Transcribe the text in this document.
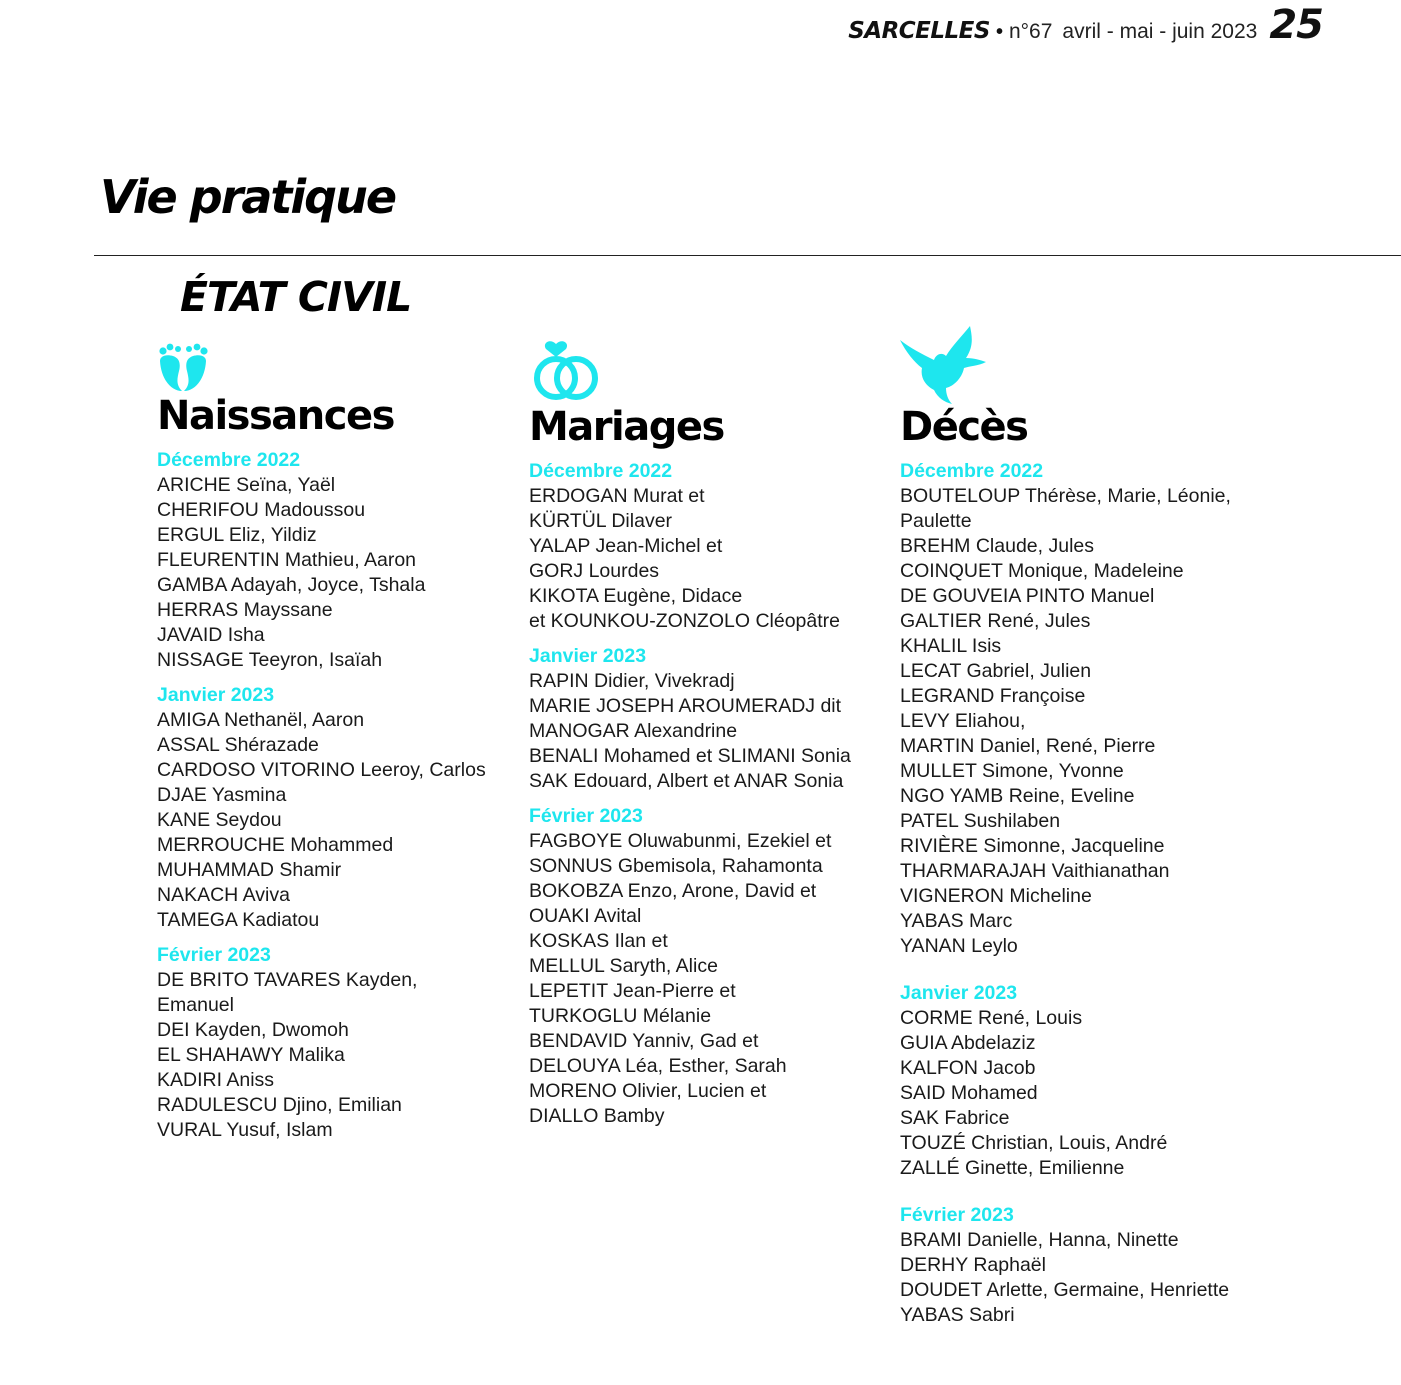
SARCELLES • n°67 avril - mai - juin 2023 25
Vie pratique
ÉTAT CIVIL
Naissances

Décembre 2022

ARICHE Seïna, Yaël

CHERIFOU Madoussou

ERGUL Eliz, Yildiz

FLEURENTIN Mathieu, Aaron

GAMBA Adayah, Joyce, Tshala

HERRAS Mayssane

JAVAID Isha

NISSAGE Teeyron, Isaïah

Janvier 2023

AMIGA Nethanël, Aaron

ASSAL Shérazade

CARDOSO VITORINO Leeroy, Carlos

DJAE Yasmina

KANE Seydou

MERROUCHE Mohammed

MUHAMMAD Shamir

NAKACH Aviva

TAMEGA Kadiatou

Février 2023

DE BRITO TAVARES Kayden,

Emanuel

DEI Kayden, Dwomoh

EL SHAHAWY Malika

KADIRI Aniss

RADULESCU Djino, Emilian

VURAL Yusuf, Islam

Mariages

Décembre 2022

ERDOGAN Murat et

KÜRTÜL Dilaver

YALAP Jean-Michel et

GORJ Lourdes

KIKOTA Eugène, Didace

et KOUNKOU-ZONZOLO Cléopâtre

Janvier 2023

RAPIN Didier, Vivekradj

MARIE JOSEPH AROUMERADJ dit

MANOGAR Alexandrine

BENALI Mohamed et SLIMANI Sonia

SAK Edouard, Albert et ANAR Sonia

Février 2023

FAGBOYE Oluwabunmi, Ezekiel et

SONNUS Gbemisola, Rahamonta

BOKOBZA Enzo, Arone, David et

OUAKI Avital

KOSKAS Ilan et

MELLUL Saryth, Alice

LEPETIT Jean-Pierre et

TURKOGLU Mélanie

BENDAVID Yanniv, Gad et

DELOUYA Léa, Esther, Sarah

MORENO Olivier, Lucien et

DIALLO Bamby

Décès

Décembre 2022

BOUTELOUP Thérèse, Marie, Léonie,

Paulette

BREHM Claude, Jules

COINQUET Monique, Madeleine

DE GOUVEIA PINTO Manuel

GALTIER René, Jules

KHALIL Isis

LECAT Gabriel, Julien

LEGRAND Françoise

LEVY Eliahou,

MARTIN Daniel, René, Pierre

MULLET Simone, Yvonne

NGO YAMB Reine, Eveline

PATEL Sushilaben

RIVIÈRE Simonne, Jacqueline

THARMARAJAH Vaithianathan

VIGNERON Micheline

YABAS Marc

YANAN Leylo

Janvier 2023

CORME René, Louis

GUIA Abdelaziz

KALFON Jacob

SAID Mohamed

SAK Fabrice

TOUZÉ Christian, Louis, André

ZALLÉ Ginette, Emilienne

Février 2023

BRAMI Danielle, Hanna, Ninette

DERHY Raphaël

DOUDET Arlette, Germaine, Henriette

YABAS Sabri
